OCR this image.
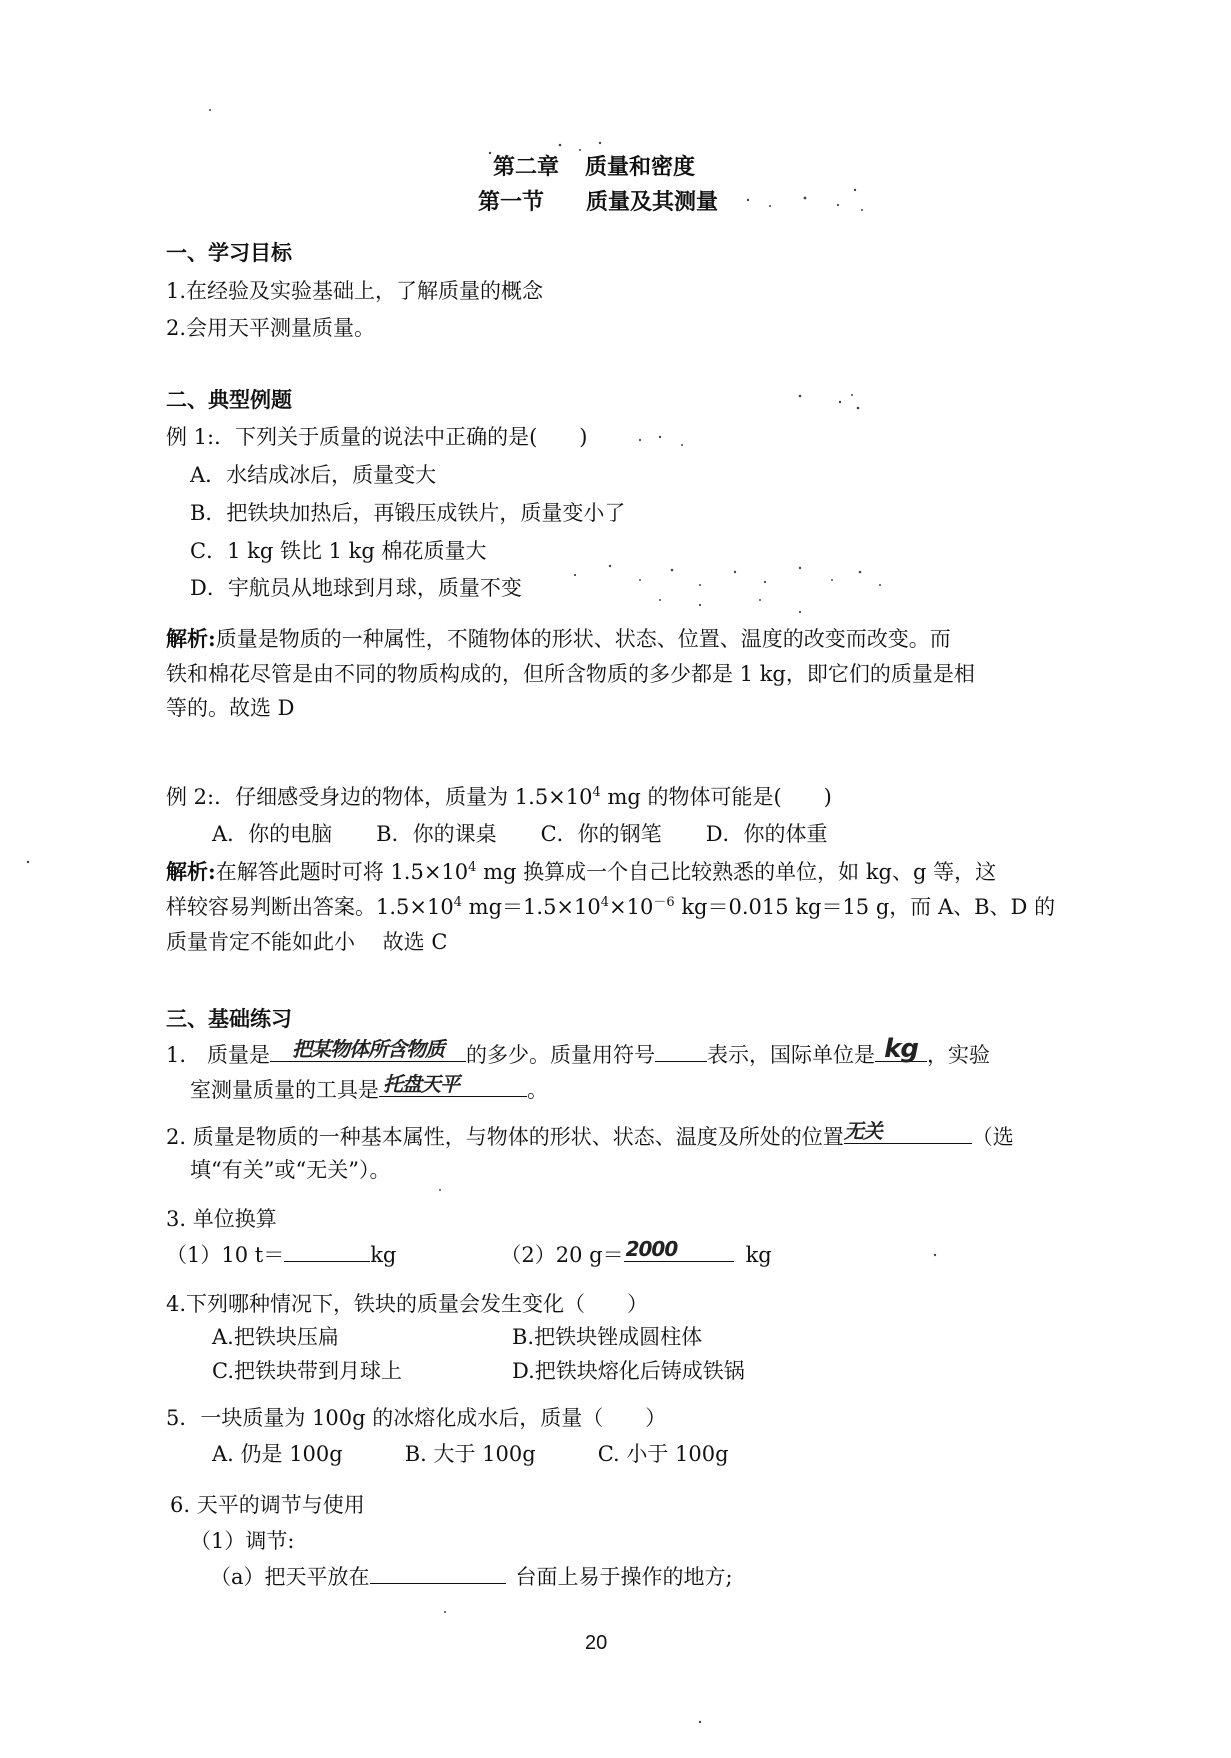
第二章 质量和密度
第一节 质量及其测量
一、学习目标
1.在经验及实验基础上，了解质量的概念
2.会用天平测量质量。
二、典型例题
例 1:．下列关于质量的说法中正确的是(　　)
A．水结成冰后，质量变大
B．把铁块加热后，再锻压成铁片，质量变小了
C．1 kg 铁比 1 kg 棉花质量大
D．宇航员从地球到月球，质量不变
解析:质量是物质的一种属性，不随物体的形状、状态、位置、温度的改变而改变。而
铁和棉花尽管是由不同的物质构成的，但所含物质的多少都是 1 kg，即它们的质量是相
等的。故选 D
例 2:．仔细感受身边的物体，质量为 $1.5\times 10^4$ mg 的物体可能是(　　)
A．你的电脑 B．你的课桌 C．你的钢笔 D．你的体重
解析:在解答此题时可将 $1.5\times 10^4$ mg 换算成一个自己比较熟悉的单位，如 kg、g 等，这
样较容易判断出答案。$1.5\times 10^4$ $mg=1.5\times 10^4\times 10^{-6}$ kg＝0.015 kg＝15 g，而 A、B、D 的
质量肯定不能如此小　 故选 C
三、基础练习
1.　质量是	把某物体所含物质	的多少。质量用符号 表示，国际单位是 kg ，实验
室测量质量的工具是 托盘天平	。
2. 质量是物质的一种基本属性，与物体的形状、状态、温度及所处的位置 无关	（选
填“有关”或“无关”）。
3. 单位换算
（1）10 t＝	kg	（2）20 g＝ 2000	kg
4.下列哪种情况下，铁块的质量会发生变化（　　）
A.把铁块压扁	B.把铁块锉成圆柱体
C.把铁块带到月球上	D.把铁块熔化后铸成铁锅
5．一块质量为 100g 的冰熔化成水后，质量（　　）
A. 仍是 100g	B. 大于 100g	C. 小于 100g
6. 天平的调节与使用
（1）调节:
（a）把天平放在	台面上易于操作的地方;
20
